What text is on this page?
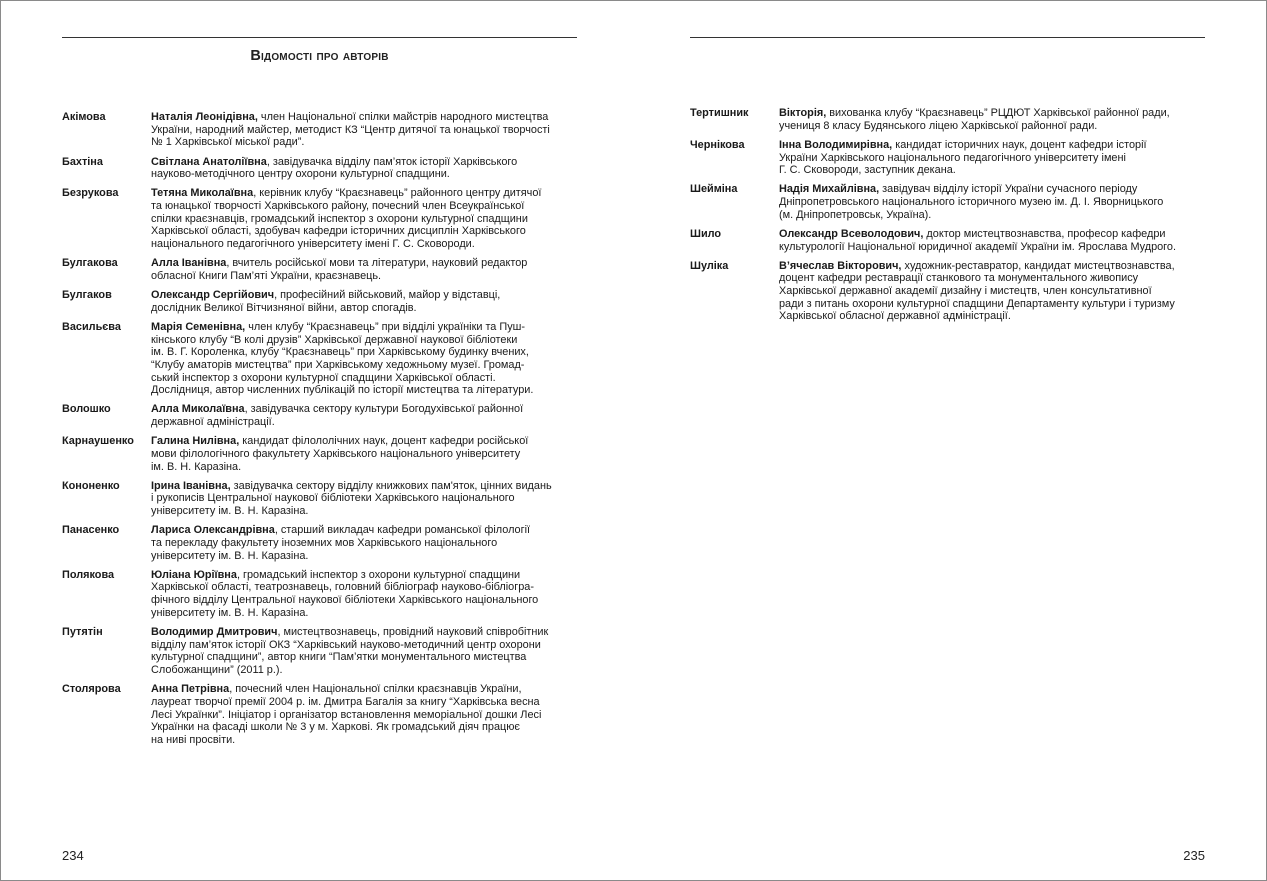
Відомості про авторів
Акімова	Наталія Леонідівна, член Національної спілки майстрів народного мистецтва
України, народний майстер, методист КЗ “Центр дитячої та юнацької творчості
№ 1 Харківської міської ради”.
Бахтіна	Світлана Анатоліївна, завідувачка відділу пам’яток історії Харківського
науково-методічного центру охорони культурної спадщини.
Безрукова	Тетяна Миколаївна, керівник клубу “Краєзнавець” районного центру дитячої
та юнацької творчості Харківського району, почесний член Всеукраїнської
спілки краєзнавців, громадський інспектор з охорони культурної спадщини
Харківської області, здобувач кафедри історичних дисциплін Харківського
національного педагогічного університету імені Г. С. Сковороди.
Булгакова	Алла Іванівна, вчитель російської мови та літератури, науковий редактор
обласної Книги Пам’яті України, краєзнавець.
Булгаков	Олександр Сергійович, професійний військовий, майор у відставці,
дослідник Великої Вітчизняної війни, автор спогадів.
Васильєва	Марія Семенівна, член клубу “Краєзнавець” при відділі україніки та Пуш-
кінського клубу “В колі друзів” Харківської державної наукової бібліотеки
ім. В. Г. Короленка, клубу “Краєзнавець” при Харківському будинку вчених,
“Клубу аматорів мистецтва” при Харківському хедожньому музеї. Громад-
ський інспектор з охорони культурної спадщини Харківської області.
Дослідниця, автор численних публікацій по історії мистецтва та літератури.
Волошко	Алла Миколаївна, завідувачка сектору культури Богодухівської районної
державної адміністрації.
Карнаушенко	Галина Нилівна, кандидат філололічних наук, доцент кафедри російської
мови філологічного факультету Харківського національного університету
ім. В. Н. Каразіна.
Кононенко	Ірина Іванівна, завідувачка сектору відділу книжкових пам'яток, цінних видань
і рукописів Центральної наукової бібліотеки Харківського національного
університету ім. В. Н. Каразіна.
Панасенко	Лариса Олександрівна, старший викладач кафедри романської філології
та перекладу факультету іноземних мов Харківського національного
університету ім. В. Н. Каразіна.
Полякова	Юліана Юріївна, громадський інспектор з охорони культурної спадщини
Харківської області, театрознавець, головний бібліограф науково-бібліогра-
фічного відділу Центральної наукової бібліотеки Харківського національного
університету ім. В. Н. Каразіна.
Путятін	Володимир Дмитрович, мистецтвознавець, провідний науковий співробітник
відділу пам’яток історії ОКЗ “Харківський науково-методичний центр охорони
культурної спадщини”, автор книги “Пам’ятки монументального мистецтва
Слобожанщини” (2011 р.).
Столярова	Анна Петрівна, почесний член Національної спілки краєзнавців України,
лауреат творчої премії 2004 р. ім. Дмитра Багалія за книгу “Харківська весна
Лесі Українки”. Ініціатор і організатор встановлення меморіальної дошки Лесі
Українки на фасаді школи № 3 у м. Харкові. Як громадський діяч працює
на ниві просвіти.
Тертишник	Вікторія, вихованка клубу “Краєзнавець” РЦДЮТ Харківської районної ради,
учениця 8 класу Будянського ліцею Харківської районної ради.
Чернікова	Інна Володимирівна, кандидат історичних наук, доцент кафедри історії
України Харківського національного педагогічного університету імені
Г. С. Сковороди, заступник декана.
Шейміна	Надія Михайлівна, завідувач відділу історії України сучасного періоду
Дніпропетровського національного історичного музею ім. Д. І. Яворницького
(м. Дніпропетровськ, Україна).
Шило	Олександр Всеволодович, доктор мистецтвознавства, професор кафедри
культурології Національної юридичної академії України ім. Ярослава Мудрого.
Шуліка	В’ячеслав Вікторович, художник-реставратор, кандидат мистецтвознавства,
доцент кафедри реставрації станкового та монументального живопису
Харківської державної академії дизайну і мистецтв, член консультативної
ради з питань охорони культурної спадщини Департаменту культури і туризму
Харківської обласної державної адміністрації.
234	235
